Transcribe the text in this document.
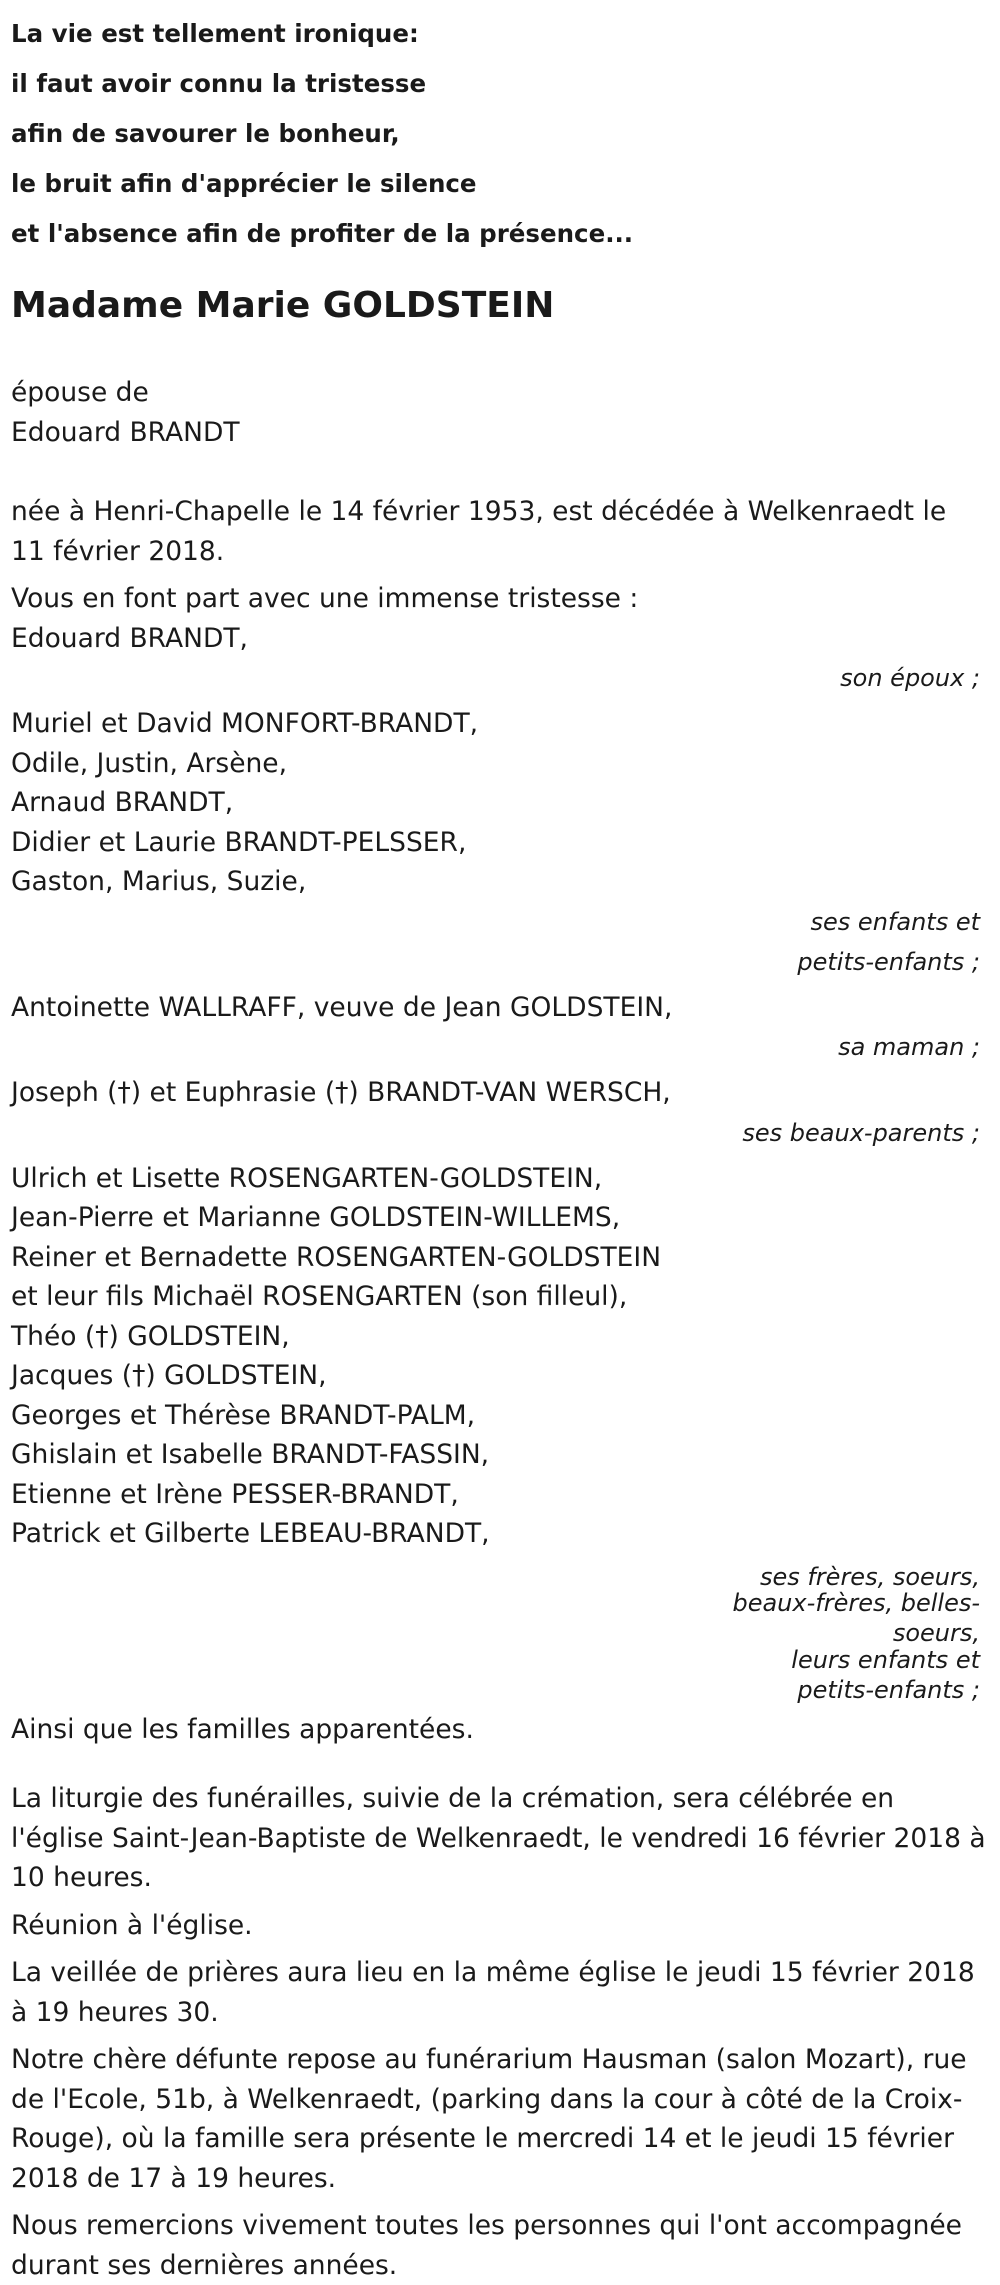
La vie est tellement ironique:
il faut avoir connu la tristesse
afin de savourer le bonheur,
le bruit afin d'apprécier le silence
et l'absence afin de profiter de la présence...
Madame Marie GOLDSTEIN
épouse de
Edouard BRANDT
née à Henri-Chapelle le 14 février 1953, est décédée à Welkenraedt le 11 février 2018.
Vous en font part avec une immense tristesse :
Edouard BRANDT,
son époux ;
Muriel et David MONFORT-BRANDT,
Odile, Justin, Arsène,
Arnaud BRANDT,
Didier et Laurie BRANDT-PELSSER,
Gaston, Marius, Suzie,
ses enfants et
petits-enfants ;
Antoinette WALLRAFF, veuve de Jean GOLDSTEIN,
sa maman ;
Joseph (†) et Euphrasie (†) BRANDT-VAN WERSCH,
ses beaux-parents ;
Ulrich et Lisette ROSENGARTEN-GOLDSTEIN,
Jean-Pierre et Marianne GOLDSTEIN-WILLEMS,
Reiner et Bernadette ROSENGARTEN-GOLDSTEIN
et leur fils Michaël ROSENGARTEN (son filleul),
Théo (†) GOLDSTEIN,
Jacques (†) GOLDSTEIN,
Georges et Thérèse BRANDT-PALM,
Ghislain et Isabelle BRANDT-FASSIN,
Etienne et Irène PESSER-BRANDT,
Patrick et Gilberte LEBEAU-BRANDT,
ses frères, soeurs,
beaux-frères, belles-
soeurs,
leurs enfants et
petits-enfants ;
Ainsi que les familles apparentées.
La liturgie des funérailles, suivie de la crémation, sera célébrée en l'église Saint-Jean-Baptiste de Welkenraedt, le vendredi 16 février 2018 à 10 heures.
Réunion à l'église.
La veillée de prières aura lieu en la même église le jeudi 15 février 2018 à 19 heures 30.
Notre chère défunte repose au funérarium Hausman (salon Mozart), rue de l'Ecole, 51b, à Welkenraedt, (parking dans la cour à côté de la Croix-Rouge), où la famille sera présente le mercredi 14 et le jeudi 15 février 2018 de 17 à 19 heures.
Nous remercions vivement toutes les personnes qui l'ont accompagnée durant ses dernières années.
